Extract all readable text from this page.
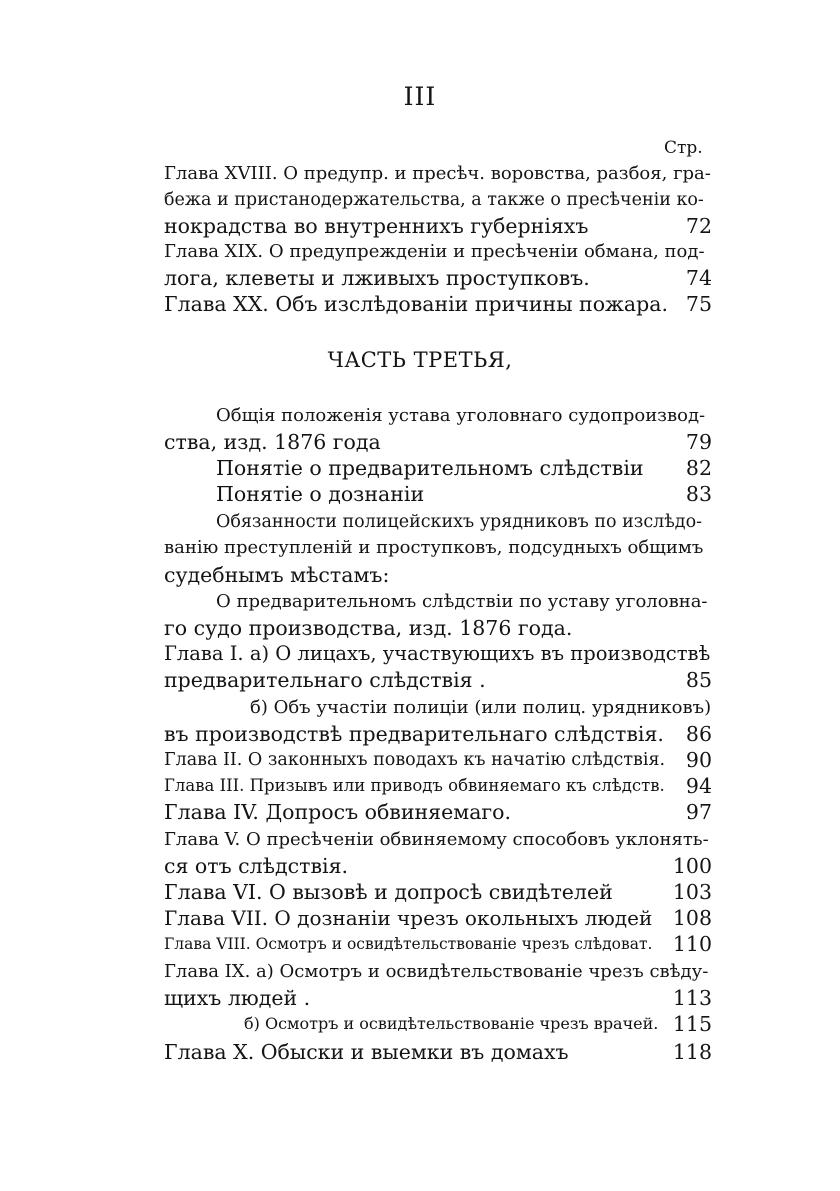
III
Стр.
Глава XVIII. О предупр. и пресѣч. воровства, разбоя, гра-
бежа и пристанодержательства, а также о пресѣченіи ко-
нокрадства во внутреннихъ губерніяхъ	72
Глава XIX. О предупрежденіи и пресѣченіи обмана, под-
лога, клеветы и лживыхъ проступковъ.	74
Глава XX. Объ изслѣдованіи причины пожара. 75
ЧАСТЬ ТРЕТЬЯ,
Общія положенія устава уголовнаго судопроизвод-
ства, изд. 1876 года	79
Понятіе о предварительномъ слѣдствіи 82
Понятіе о дознаніи	83
Обязанности полицейскихъ урядниковъ по изслѣдо-
ванію преступленій и проступковъ, подсудныхъ общимъ
судебнымъ мѣстамъ:
О предварительномъ слѣдствіи по уставу уголовна-
го судо производства, изд. 1876 года.
Глава I. а) О лицахъ, участвующихъ въ производствѣ
предварительнаго слѣдствія .	85
б) Объ участіи полиціи (или полиц. урядниковъ)
въ производствѣ предварительнаго слѣдствія. 86
Глава II. О законныхъ поводахъ къ начатію слѣдствія. 90
Глава III. Призывъ или приводъ обвиняемаго къ слѣдств. 94
Глава IV. Допросъ обвиняемаго.	97
Глава V. О пресѣченіи обвиняемому способовъ уклонять-
ся отъ слѣдствія.	100
Глава VI. О вызовѣ и допросѣ свидѣтелей	103
Глава VII. О дознаніи чрезъ окольныхъ людей 108
Глава VIII. Осмотръ и освидѣтельствованіе чрезъ слѣдоват. 110
Глава IX. а) Осмотръ и освидѣтельствованіе чрезъ свѣду-
щихъ людей .	113
б) Осмотръ и освидѣтельствованіе чрезъ врачей. 115
Глава X. Обыски и выемки въ домахъ	118
